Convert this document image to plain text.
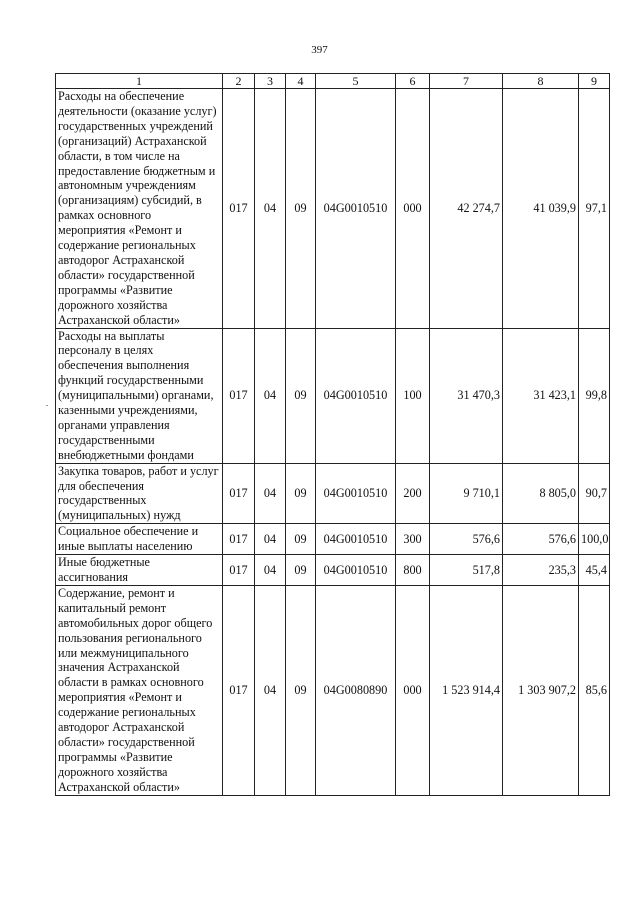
397
1	2	3	4	5	6	7	8	9
Расходы на обеспечение деятельности (оказание услуг) государственных учреждений (организаций) Астраханской области, в том числе на предоставление бюджетным и автономным учреждениям (организациям) субсидий, в рамках основного мероприятия «Ремонт и содержание региональных автодорог Астраханской области» государственной программы «Развитие дорожного хозяйства Астраханской области»	017	04	09	04G0010510	000	42 274,7	41 039,9	97,1
Расходы на выплаты персоналу в целях обеспечения выполнения функций государственными (муниципальными) органами, казенными учреждениями, органами управления государственными внебюджетными фондами	017	04	09	04G0010510	100	31 470,3	31 423,1	99,8
Закупка товаров, работ и услуг для обеспечения государственных (муниципальных) нужд	017	04	09	04G0010510	200	9 710,1	8 805,0	90,7
Социальное обеспечение и иные выплаты населению	017	04	09	04G0010510	300	576,6	576,6	100,0
Иные бюджетные ассигнования	017	04	09	04G0010510	800	517,8	235,3	45,4
Содержание, ремонт и капитальный ремонт автомобильных дорог общего пользования регионального или межмуниципального значения Астраханской области в рамках основного мероприятия «Ремонт и содержание региональных автодорог Астраханской области» государственной программы «Развитие дорожного хозяйства Астраханской области»	017	04	09	04G0080890	000	1 523 914,4	1 303 907,2	85,6
